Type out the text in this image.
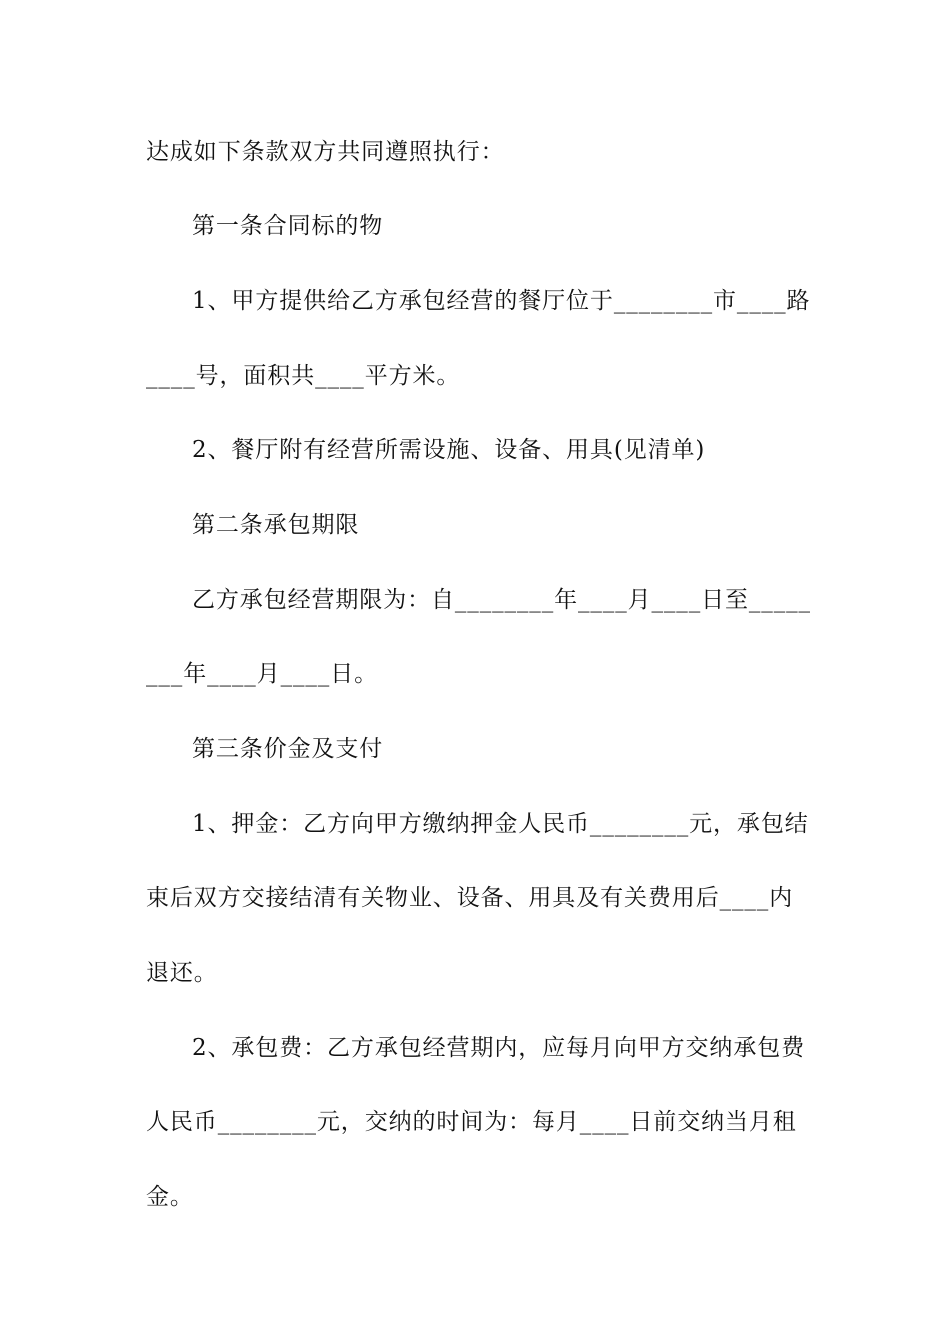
达成如下条款双方共同遵照执行：

第一条合同标的物

1、甲方提供给乙方承包经营的餐厅位于________市____路

____号，面积共____平方米。

2、餐厅附有经营所需设施、设备、用具(见清单)

第二条承包期限

乙方承包经营期限为：自________年____月____日至_____

___年____月____日。

第三条价金及支付

1、押金：乙方向甲方缴纳押金人民币________元，承包结

束后双方交接结清有关物业、设备、用具及有关费用后____内

退还。

2、承包费：乙方承包经营期内，应每月向甲方交纳承包费

人民币________元，交纳的时间为：每月____日前交纳当月租

金。
